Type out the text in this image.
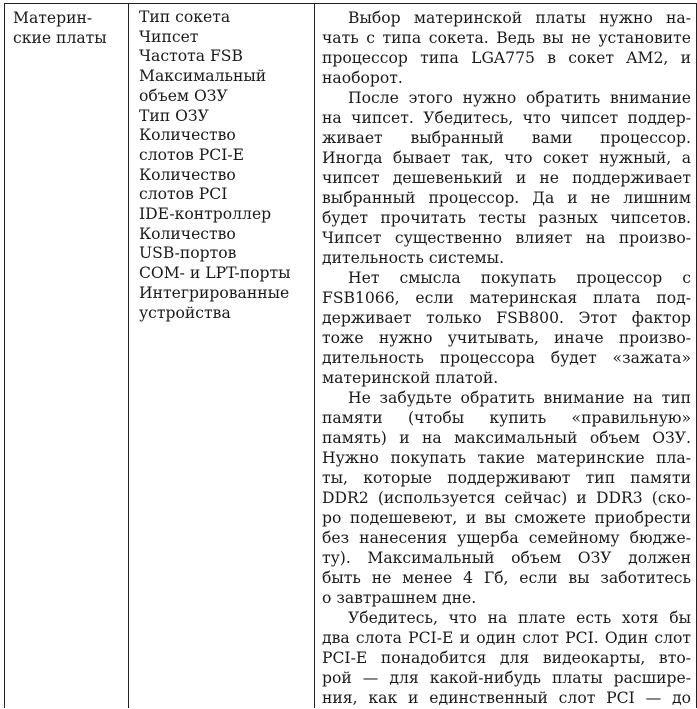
Материн-
ские платы

Тип сокета
Чипсет
Частота FSB
Максимальный
объем ОЗУ
Тип ОЗУ
Количество
слотов PCI-E
Количество
слотов PCI
IDE-контроллер
Количество
USB-портов
COM- и LPT-порты
Интегрированные
устройства

Выбор материнской платы нужно на-
чать с типа сокета. Ведь вы не установите
процессор типа LGA775 в сокет AM2, и
наоборот.
После этого нужно обратить внимание
на чипсет. Убедитесь, что чипсет поддер-
живает выбранный вами процессор.
Иногда бывает так, что сокет нужный, а
чипсет дешевенький и не поддерживает
выбранный процессор. Да и не лишним
будет прочитать тесты разных чипсетов.
Чипсет существенно влияет на произво-
дительность системы.
Нет смысла покупать процессор с
FSB1066, если материнская плата под-
держивает только FSB800. Этот фактор
тоже нужно учитывать, иначе произво-
дительность процессора будет «зажата»
материнской платой.
Не забудьте обратить внимание на тип
памяти (чтобы купить «правильную»
память) и на максимальный объем ОЗУ.
Нужно покупать такие материнские пла-
ты, которые поддерживают тип памяти
DDR2 (используется сейчас) и DDR3 (ско-
ро подешевеют, и вы сможете приобрести
без нанесения ущерба семейному бюдже-
ту). Максимальный объем ОЗУ должен
быть не менее 4 Гб, если вы заботитесь
о завтрашнем дне.
Убедитесь, что на плате есть хотя бы
два слота PCI-E и один слот PCI. Один слот
PCI-E понадобится для видеокарты, вто-
рой — для какой-нибудь платы расшире-
ния, как и единственный слот PCI — до
